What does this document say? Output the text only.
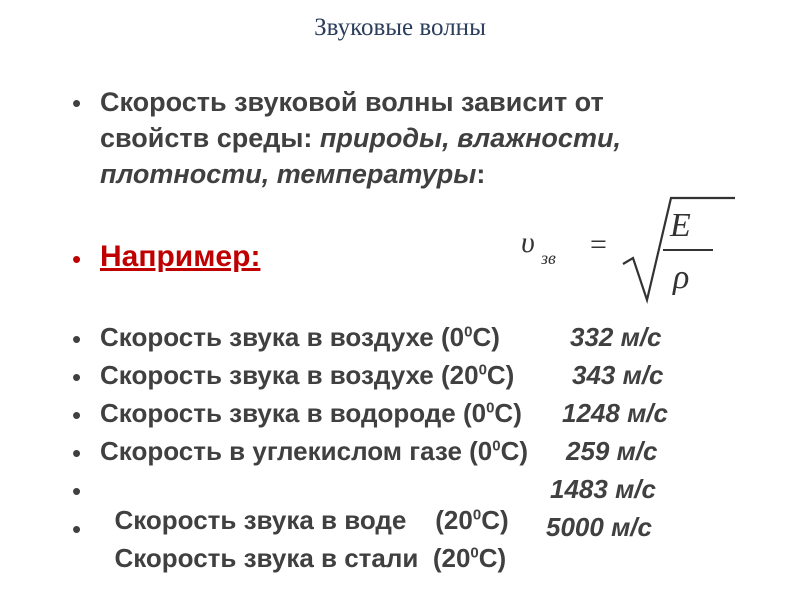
Звуковые волны
• Скорость звуковой волны зависит от
свойств среды: природы, влажности,
плотности, температуры:
• Например:	υ зв =
E
ρ
• Скорость звука в воздухе $(0^0C)$	332 м/с
• Скорость звука в воздухе $(20^0C)$ 343 м/с
• Скорость звука в водороде $(0^0C)$ 1248 м/с
• Скорость в углекислом газе $(0^0C)$ 259 м/с
•

Скорость звука в воде    $(20^0C)$

1483 м/с
•

Скорость звука в стали  $(20^0C)$

5000 м/с
